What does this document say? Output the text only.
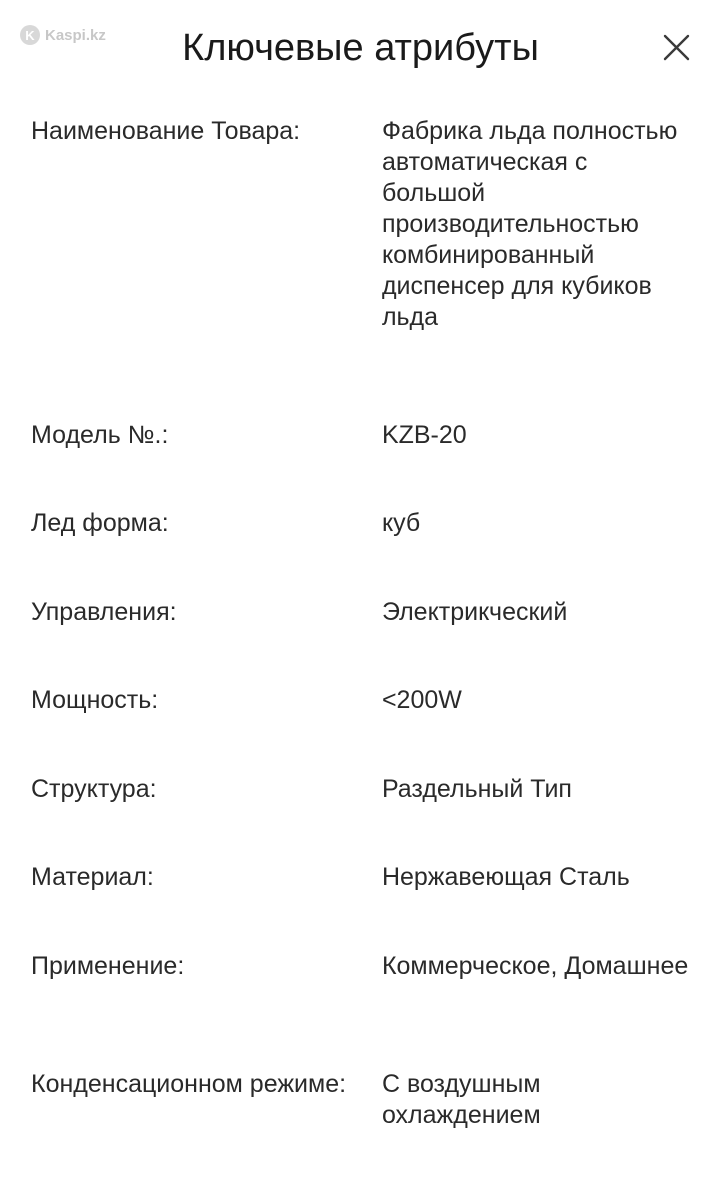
K Kaspi.kz	Ключевые атрибуты
Наименование Товара:	Фабрика льда полностью автоматическая с большой производительностью комбинированный диспенсер для кубиков льда
Модель №.:	KZB-20
Лед форма:	куб
Управления:	Электрикческий
Мощность:	<200W
Структура:	Раздельный Тип
Материал:	Нержавеющая Сталь
Применение:	Коммерческое, Домашнее
Конденсационном режиме:	С воздушным охлаждением
